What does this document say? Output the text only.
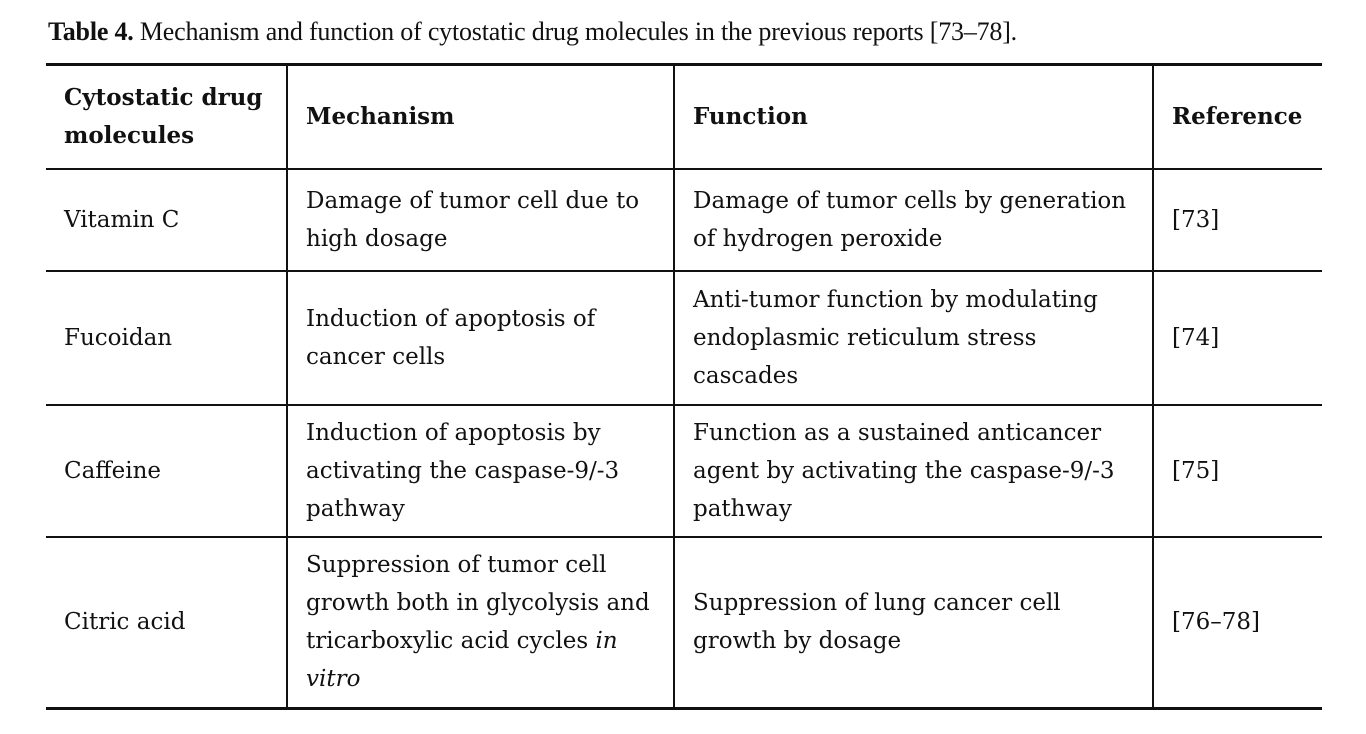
Table 4. Mechanism and function of cytostatic drug molecules in the previous reports [73–78].
Cytostatic drug molecules	Mechanism	Function	Reference
Vitamin C	Damage of tumor cell due to high dosage	Damage of tumor cells by generation of hydrogen peroxide	[73]
Fucoidan	Induction of apoptosis of cancer cells	Anti-tumor function by modulating endoplasmic reticulum stress cascades	[74]
Caffeine	Induction of apoptosis by activating the caspase-9/-3 pathway	Function as a sustained anticancer agent by activating the caspase-9/-3 pathway	[75]
Citric acid	Suppression of tumor cell growth both in glycolysis and tricarboxylic acid cycles in vitro	Suppression of lung cancer cell growth by dosage	[76–78]
